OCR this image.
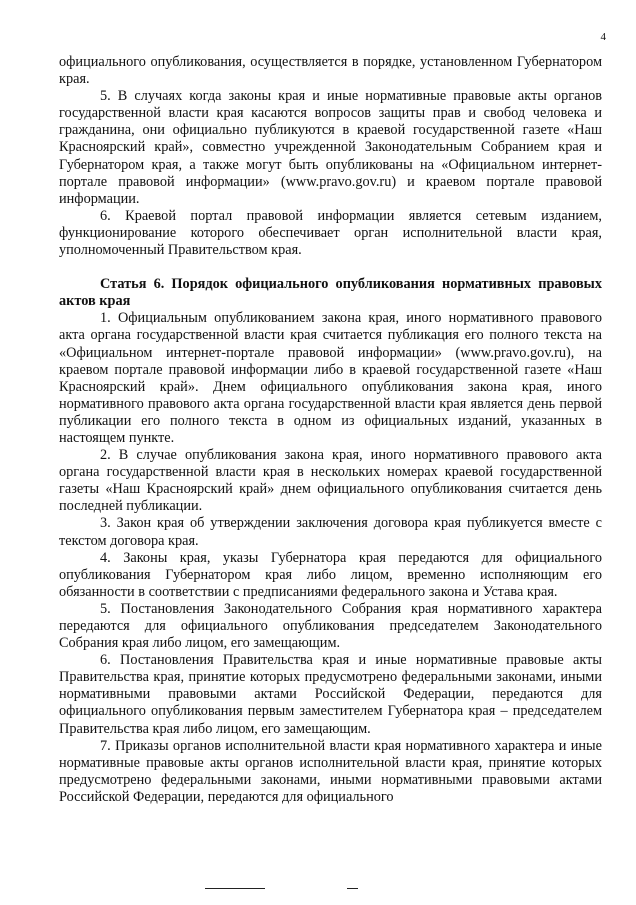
4

официального опубликования, осуществляется в порядке, установленном Губернатором края.

5. В случаях когда законы края и иные нормативные правовые акты органов государственной власти края касаются вопросов защиты прав и свобод человека и гражданина, они официально публикуются в краевой государственной газете «Наш Красноярский край», совместно учрежденной Законодательным Собранием края и Губернатором края, а также могут быть опубликованы на «Официальном интернет-портале правовой информации» (www.pravo.gov.ru) и краевом портале правовой информации.

6. Краевой портал правовой информации является сетевым изданием, функционирование которого обеспечивает орган исполнительной власти края, уполномоченный Правительством края.

Статья 6. Порядок официального опубликования нормативных правовых актов края

1. Официальным опубликованием закона края, иного нормативного правового акта органа государственной власти края считается публикация его полного текста на «Официальном интернет-портале правовой информации» (www.pravo.gov.ru), на краевом портале правовой информации либо в краевой государственной газете «Наш Красноярский край». Днем официального опубликования закона края, иного нормативного правового акта органа государственной власти края является день первой публикации его полного текста в одном из официальных изданий, указанных в настоящем пункте.

2. В случае опубликования закона края, иного нормативного правового акта органа государственной власти края в нескольких номерах краевой государственной газеты «Наш Красноярский край» днем официального опубликования считается день последней публикации.

3. Закон края об утверждении заключения договора края публикуется вместе с текстом договора края.

4. Законы края, указы Губернатора края передаются для официального опубликования Губернатором края либо лицом, временно исполняющим его обязанности в соответствии с предписаниями федерального закона и Устава края.

5. Постановления Законодательного Собрания края нормативного характера передаются для официального опубликования председателем Законодательного Собрания края либо лицом, его замещающим.

6. Постановления Правительства края и иные нормативные правовые акты Правительства края, принятие которых предусмотрено федеральными законами, иными нормативными правовыми актами Российской Федерации, передаются для официального опубликования первым заместителем Губернатора края – председателем Правительства края либо лицом, его замещающим.

7. Приказы органов исполнительной власти края нормативного характера и иные нормативные правовые акты органов исполнительной власти края, принятие которых предусмотрено федеральными законами, иными нормативными правовыми актами Российской Федерации, передаются для официального
